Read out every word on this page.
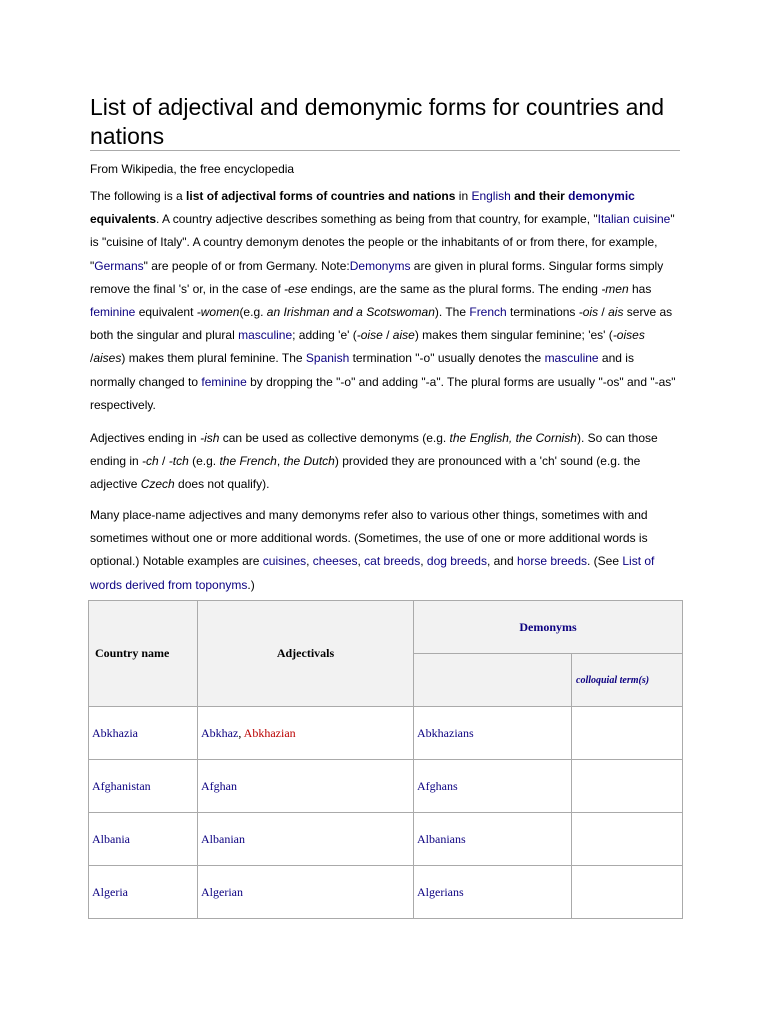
List of adjectival and demonymic forms for countries and nations
From Wikipedia, the free encyclopedia

The following is a list of adjectival forms of countries and nations in English and their demonymic equivalents. A country adjective describes something as being from that country, for example, "Italian cuisine" is "cuisine of Italy". A country demonym denotes the people or the inhabitants of or from there, for example, "Germans" are people of or from Germany. Note:Demonyms are given in plural forms. Singular forms simply remove the final 's' or, in the case of -ese endings, are the same as the plural forms. The ending -men has feminine equivalent -women(e.g. an Irishman and a Scotswoman). The French terminations -ois / ais serve as both the singular and plural masculine; adding 'e' (-oise / aise) makes them singular feminine; 'es' (-oises /aises) makes them plural feminine. The Spanish termination "-o" usually denotes the masculine and is normally changed to feminine by dropping the "-o" and adding "-a". The plural forms are usually "-os" and "-as" respectively.

Adjectives ending in -ish can be used as collective demonyms (e.g. the English, the Cornish). So can those ending in -ch / -tch (e.g. the French, the Dutch) provided they are pronounced with a 'ch' sound (e.g. the adjective Czech does not qualify).

Many place-name adjectives and many demonyms refer also to various other things, sometimes with and sometimes without one or more additional words. (Sometimes, the use of one or more additional words is optional.) Notable examples are cuisines, cheeses, cat breeds, dog breeds, and horse breeds. (See List of words derived from toponyms.)

Country name	Adjectivals	Demonyms	
			colloquial term(s)
Abkhazia	Abkhaz, Abkhazian	Abkhazians	
Afghanistan	Afghan	Afghans	
Albania	Albanian	Albanians	
Algeria	Algerian	Algerians	
